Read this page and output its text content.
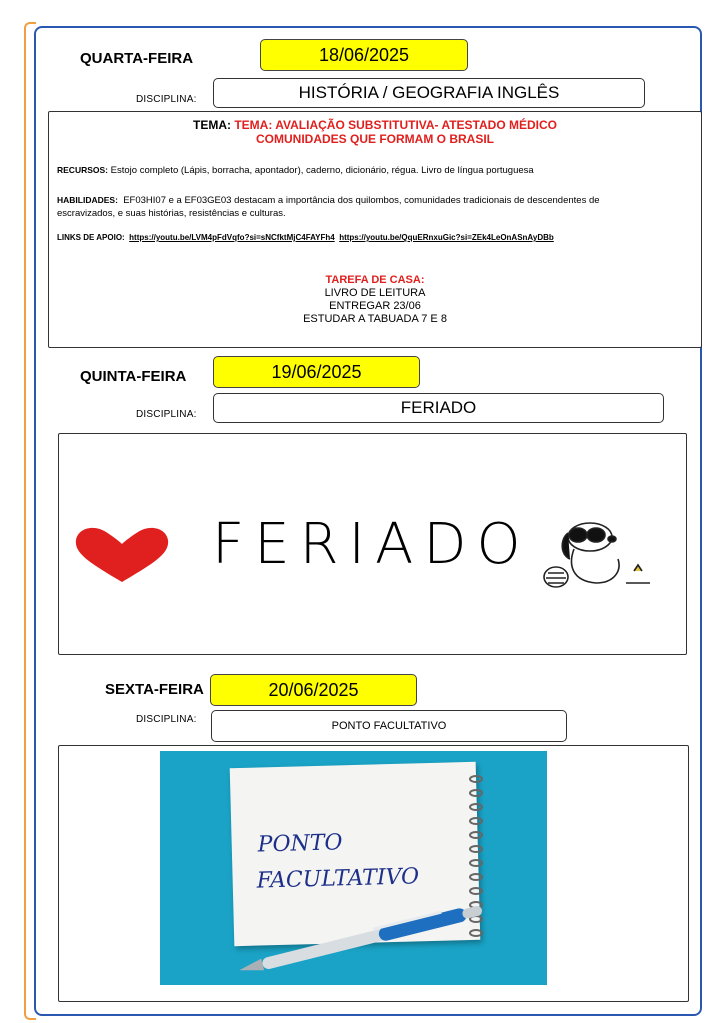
QUARTA-FEIRA	18/06/2025
DISCIPLINA:	HISTÓRIA / GEOGRAFIA INGLÊS
TEMA: TEMA: AVALIAÇÃO SUBSTITUTIVA- ATESTADO MÉDICO
COMUNIDADES QUE FORMAM O BRASIL
RECURSOS: Estojo completo (Lápis, borracha, apontador), caderno, dicionário, régua. Livro de língua portuguesa
HABILIDADES: EF03HI07 e a EF03GE03 destacam a importância dos quilombos, comunidades tradicionais de descendentes de escravizados, e suas histórias, resistências e culturas.
LINKS DE APOIO: https://youtu.be/LVM4pFdVqfo?si=sNCfktMjC4FAYFh4 https://youtu.be/QquERnxuGic?si=ZEk4LeOnASnAyDBb
TAREFA DE CASA:
LIVRO DE LEITURA
ENTREGAR 23/06
ESTUDAR A TABUADA 7 E 8
QUINTA-FEIRA	19/06/2025
DISCIPLINA:	FERIADO
FERIADO
SEXTA-FEIRA	20/06/2025
DISCIPLINA:
PONTO FACULTATIVO
PONTO
FACULTATIVO
